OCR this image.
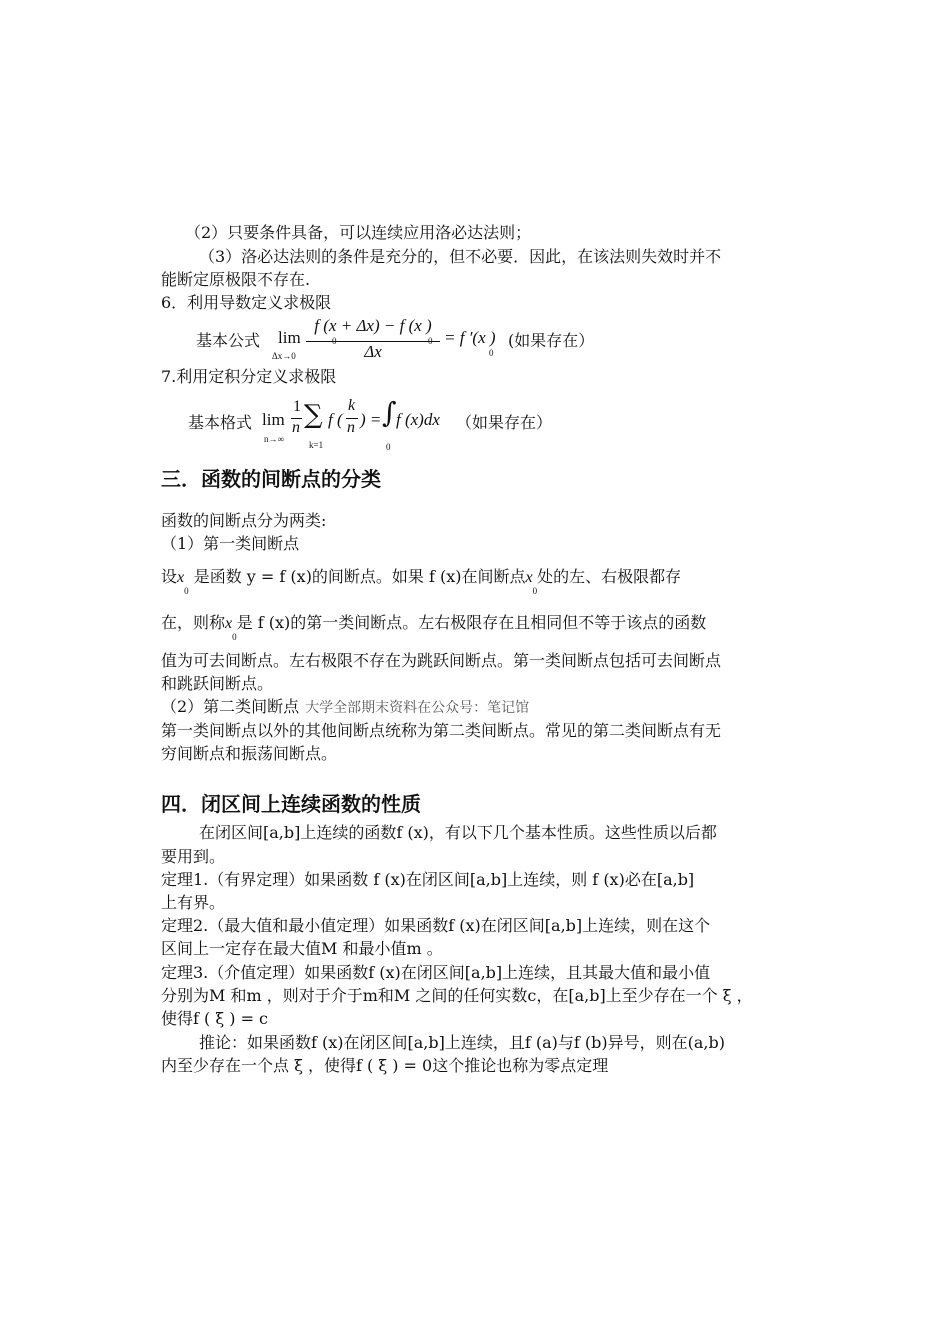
（2）只要条件具备，可以连续应用洛必达法则；
（3）洛必达法则的条件是充分的，但不必要．因此，在该法则失效时并不
能断定原极限不存在.
6．利用导数定义求极限
基本公式 lim
Δx→0
f (x + Δx) − f (x )
Δx
= f ′(x )
0
(如果存在）
7.利用定积分定义求极限
基本格式 lim
n→∞
1
n ∑
k=1
f (
k
n ) = ∫
0
f (x)dx （如果存在）
三．函数的间断点的分类
函数的间断点分为两类:
（1）第一类间断点
设$x_0$ 是函数 y = f (x)的间断点。如果 f (x)在间断点$x_0$处的左、右极限都存
在，则称$x_0$是 f (x)的第一类间断点。左右极限存在且相同但不等于该点的函数
值为可去间断点。左右极限不存在为跳跃间断点。第一类间断点包括可去间断点
和跳跃间断点。
（2）第二类间断点 大学全部期末资料在公众号：笔记馆
第一类间断点以外的其他间断点统称为第二类间断点。常见的第二类间断点有无
穷间断点和振荡间断点。
四．闭区间上连续函数的性质
在闭区间[a,b]上连续的函数f (x)，有以下几个基本性质。这些性质以后都
要用到。
定理1.（有界定理）如果函数 f (x)在闭区间[a,b]上连续，则 f (x)必在[a,b]
上有界。
定理2.（最大值和最小值定理）如果函数f (x)在闭区间[a,b]上连续，则在这个
区间上一定存在最大值M 和最小值m 。
定理3.（介值定理）如果函数f (x)在闭区间[a,b]上连续，且其最大值和最小值
分别为M 和m ，则对于介于m和M 之间的任何实数c，在[a,b]上至少存在一个 ξ ，
使得f ( ξ ) = c
推论：如果函数f (x)在闭区间[a,b]上连续，且f (a)与f (b)异号，则在(a,b)
内至少存在一个点 ξ ，使得f ( ξ ) = 0这个推论也称为零点定理
